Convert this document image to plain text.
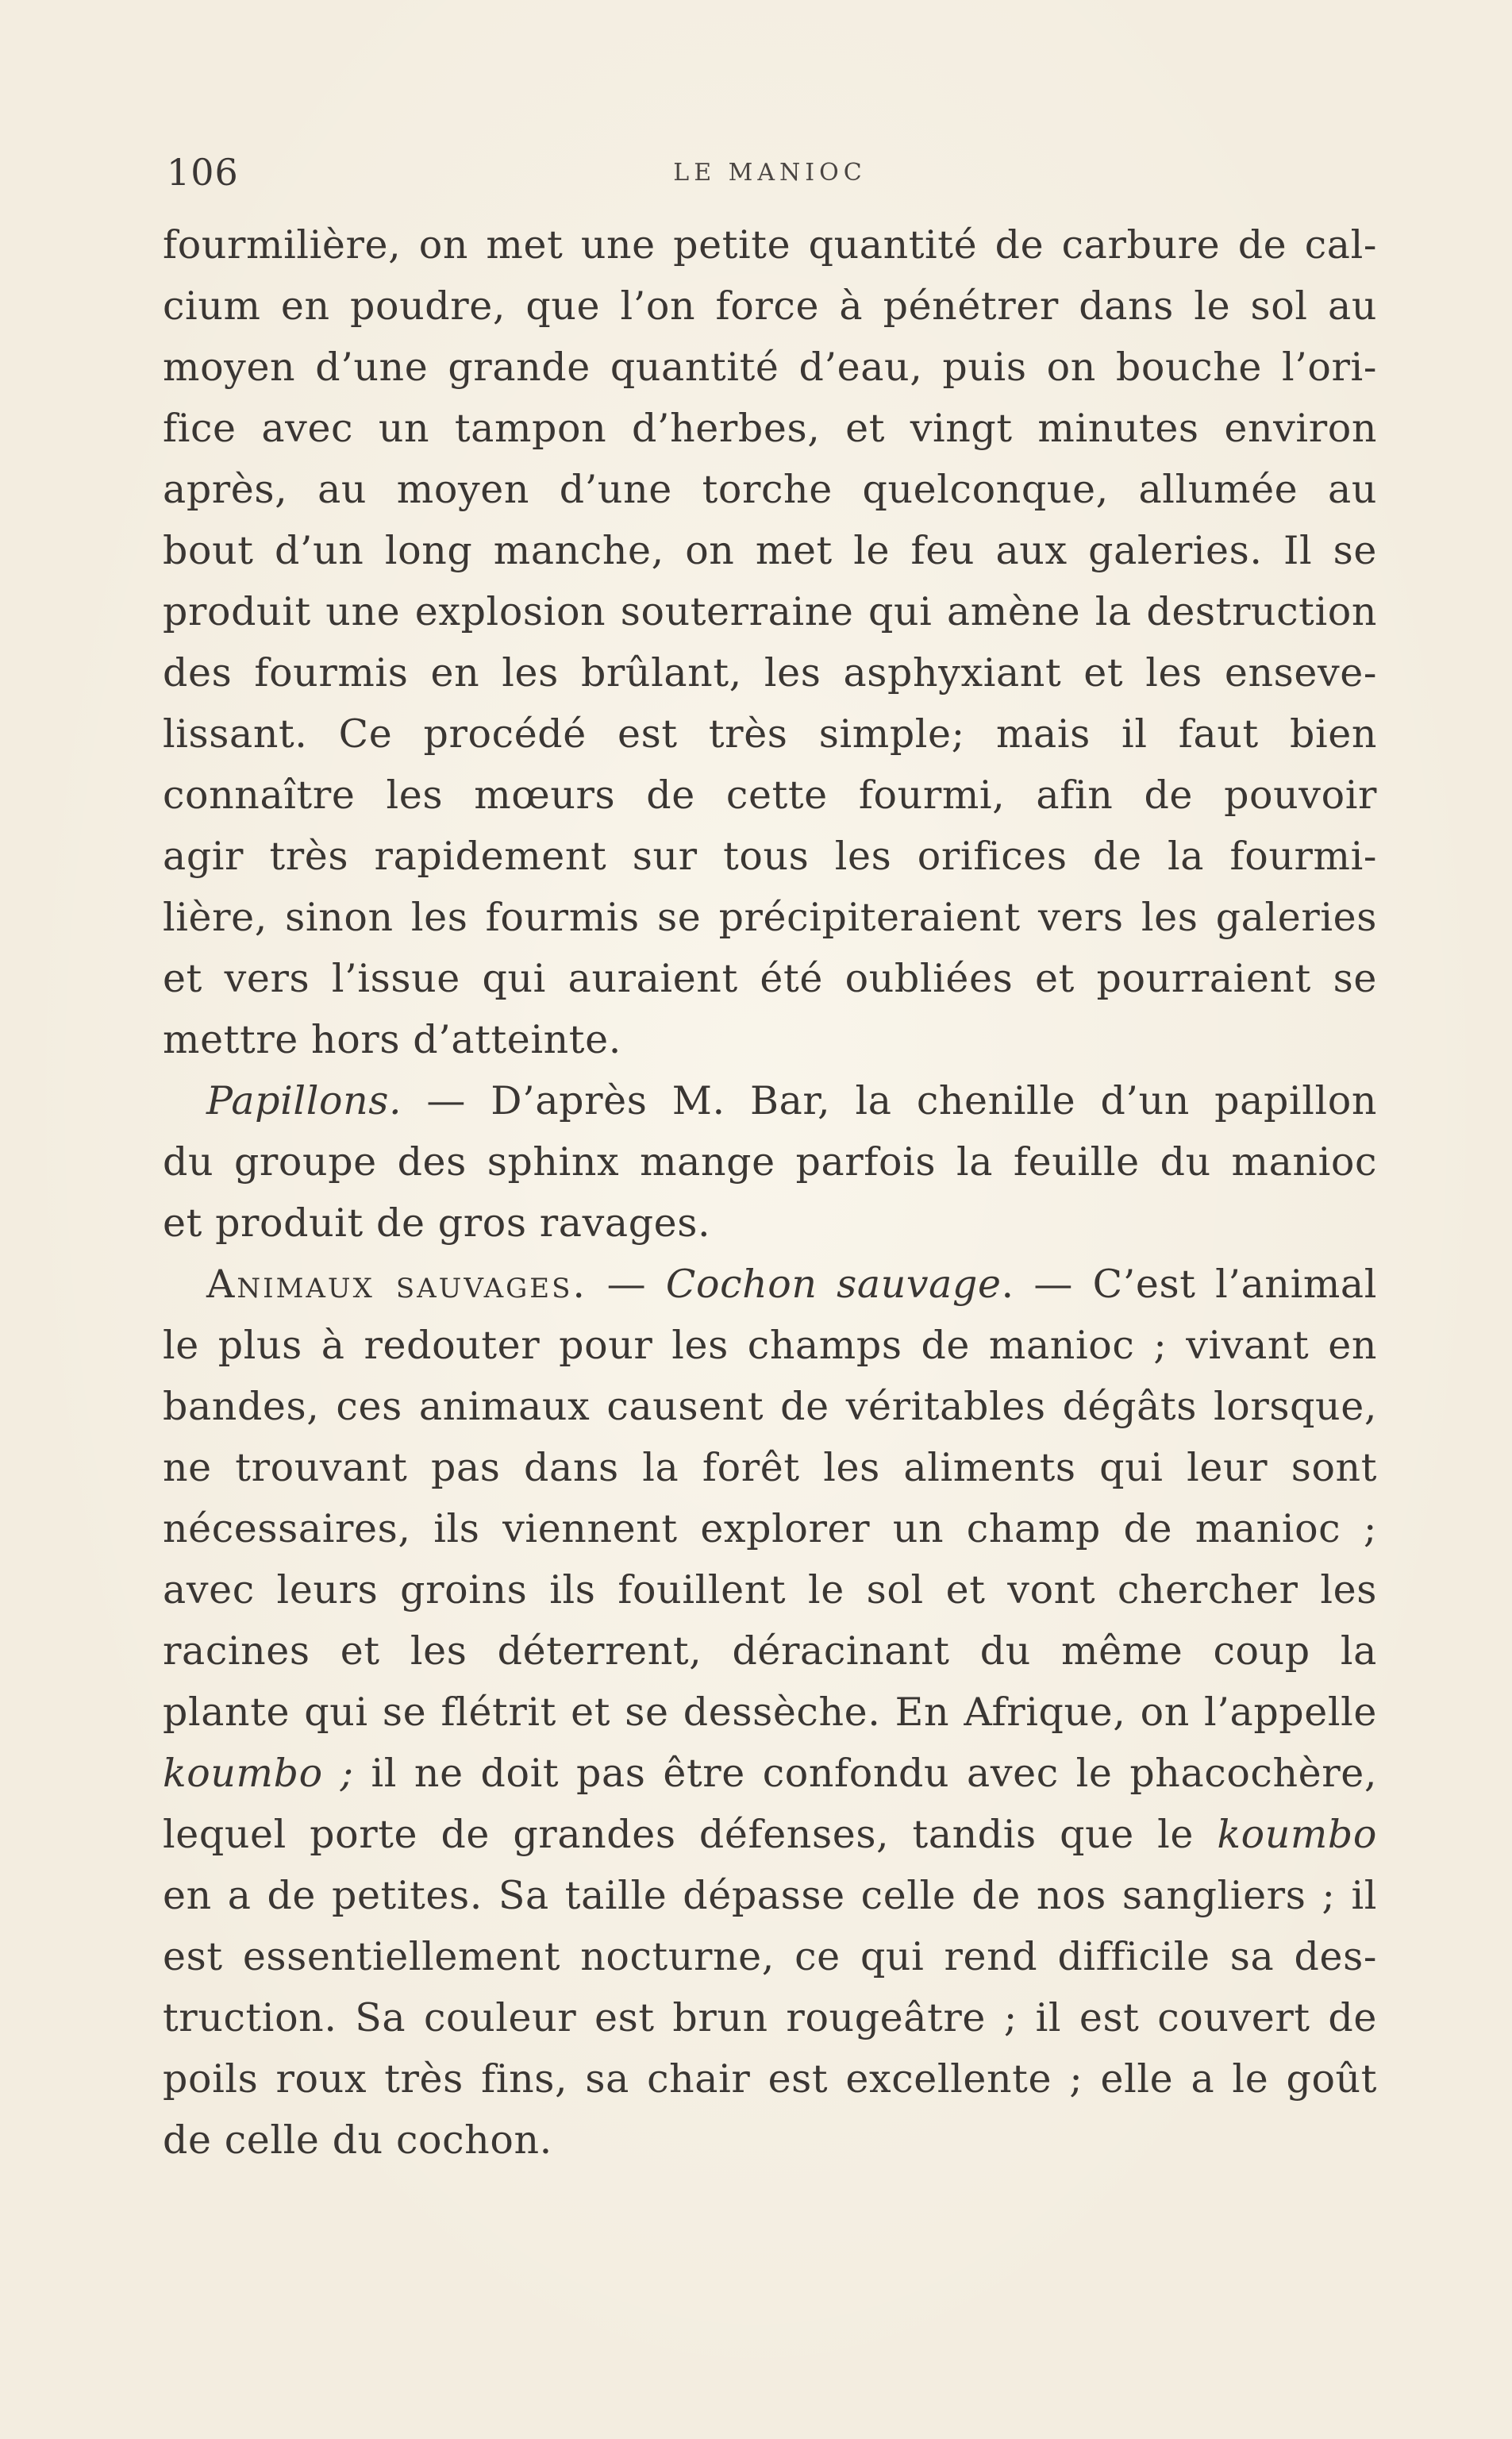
106	LE MANIOC
fourmilière, on met une petite quantité de carbure de cal-
cium en poudre, que l’on force à pénétrer dans le sol au
moyen d’une grande quantité d’eau, puis on bouche l’ori-
fice avec un tampon d’herbes, et vingt minutes environ
après, au moyen d’une torche quelconque, allumée au
bout d’un long manche, on met le feu aux galeries. Il se
produit une explosion souterraine qui amène la destruction
des fourmis en les brûlant, les asphyxiant et les enseve-
lissant. Ce procédé est très simple; mais il faut bien
connaître les mœurs de cette fourmi, afin de pouvoir
agir très rapidement sur tous les orifices de la fourmi-
lière, sinon les fourmis se précipiteraient vers les galeries
et vers l’issue qui auraient été oubliées et pourraient se
mettre hors d’atteinte.
Papillons. — D’après M. Bar, la chenille d’un papillon
du groupe des sphinx mange parfois la feuille du manioc
et produit de gros ravages.
Animaux sauvages. — Cochon sauvage. — C’est l’animal
le plus à redouter pour les champs de manioc ; vivant en
bandes, ces animaux causent de véritables dégâts lorsque,
ne trouvant pas dans la forêt les aliments qui leur sont
nécessaires, ils viennent explorer un champ de manioc ;
avec leurs groins ils fouillent le sol et vont chercher les
racines et les déterrent, déracinant du même coup la
plante qui se flétrit et se dessèche. En Afrique, on l’appelle
koumbo ; il ne doit pas être confondu avec le phacochère,
lequel porte de grandes défenses, tandis que le koumbo
en a de petites. Sa taille dépasse celle de nos sangliers ; il
est essentiellement nocturne, ce qui rend difficile sa des-
truction. Sa couleur est brun rougeâtre ; il est couvert de
poils roux très fins, sa chair est excellente ; elle a le goût
de celle du cochon.
